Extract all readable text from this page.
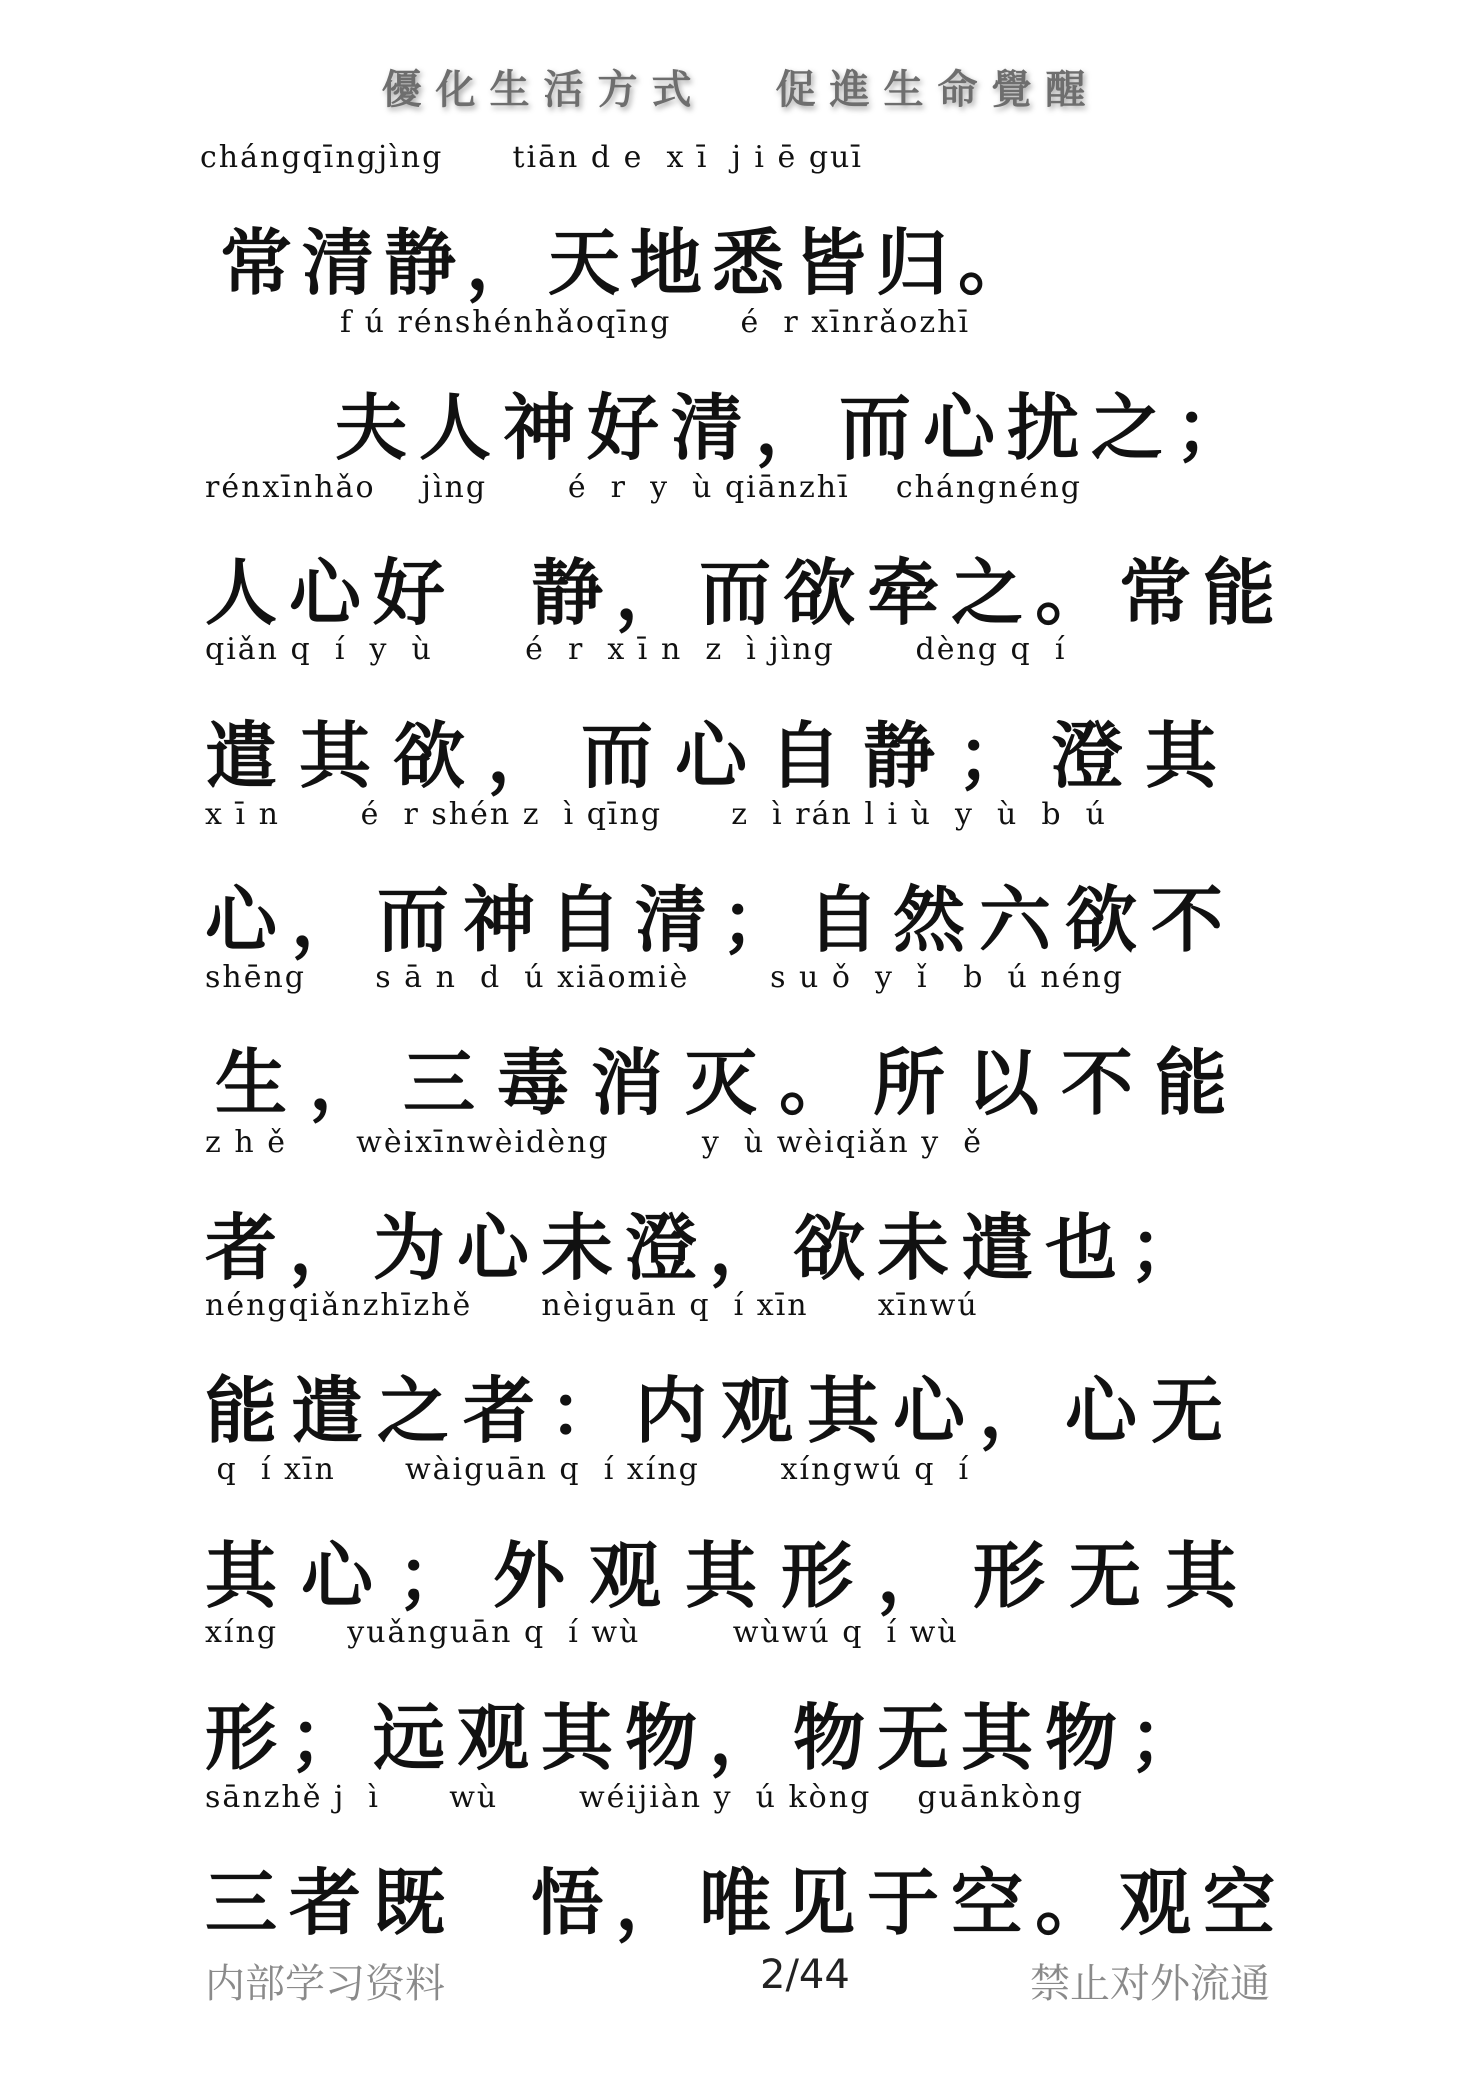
優化生活方式 促進生命覺醒
chángqīngjìng      tiān d e  x ī  j i ē guī
常清静，天地悉皆归。
f ú rénshénhǎoqīng      é  r xīnrǎozhī
夫人神好清，而心扰之；
rénxīnhǎo    jìng       é  r  y  ù qiānzhī    chángnéng
人心好  静，而欲牵之。常能
qiǎn q  í  y  ù        é  r  x ī n  z  ì jìng       dèng q  í
遣其欲，而心自静；澄其
x ī n       é  r shén z  ì qīng      z  ì rán l i ù  y  ù  b  ú
心，而神自清；自然六欲不
shēng      s ā n  d  ú xiāomiè       s u ǒ  y  ǐ   b  ú néng
生，三毒消灭。所以不能
z h ě      wèixīnwèidèng        y  ù wèiqiǎn y  ě
者，为心未澄，欲未遣也；
néngqiǎnzhīzhě      nèiguān q  í xīn      xīnwú
能遣之者：内观其心，心无
q  í xīn      wàiguān q  í xíng       xíngwú q  í
其心；外观其形，形无其
xíng      yuǎnguān q  í wù        wùwú q  í wù
形；远观其物，物无其物；
sānzhě j  ì      wù       wéijiàn y  ú kòng    guānkòng
三者既  悟，唯见于空。观空
内部学习资料	2/44	禁止对外流通
